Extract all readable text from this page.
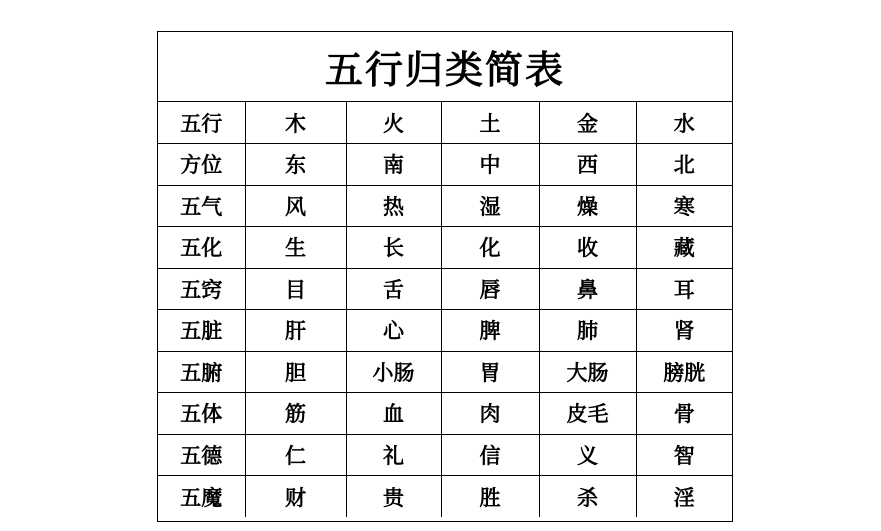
五行归类简表
五行	木	火	土	金	水
方位	东	南	中	西	北
五气	风	热	湿	燥	寒
五化	生	长	化	收	藏
五窍	目	舌	唇	鼻	耳
五脏	肝	心	脾	肺	肾
五腑	胆	小肠	胃	大肠	膀胱
五体	筋	血	肉	皮毛	骨
五德	仁	礼	信	义	智
五魔	财	贵	胜	杀	淫
